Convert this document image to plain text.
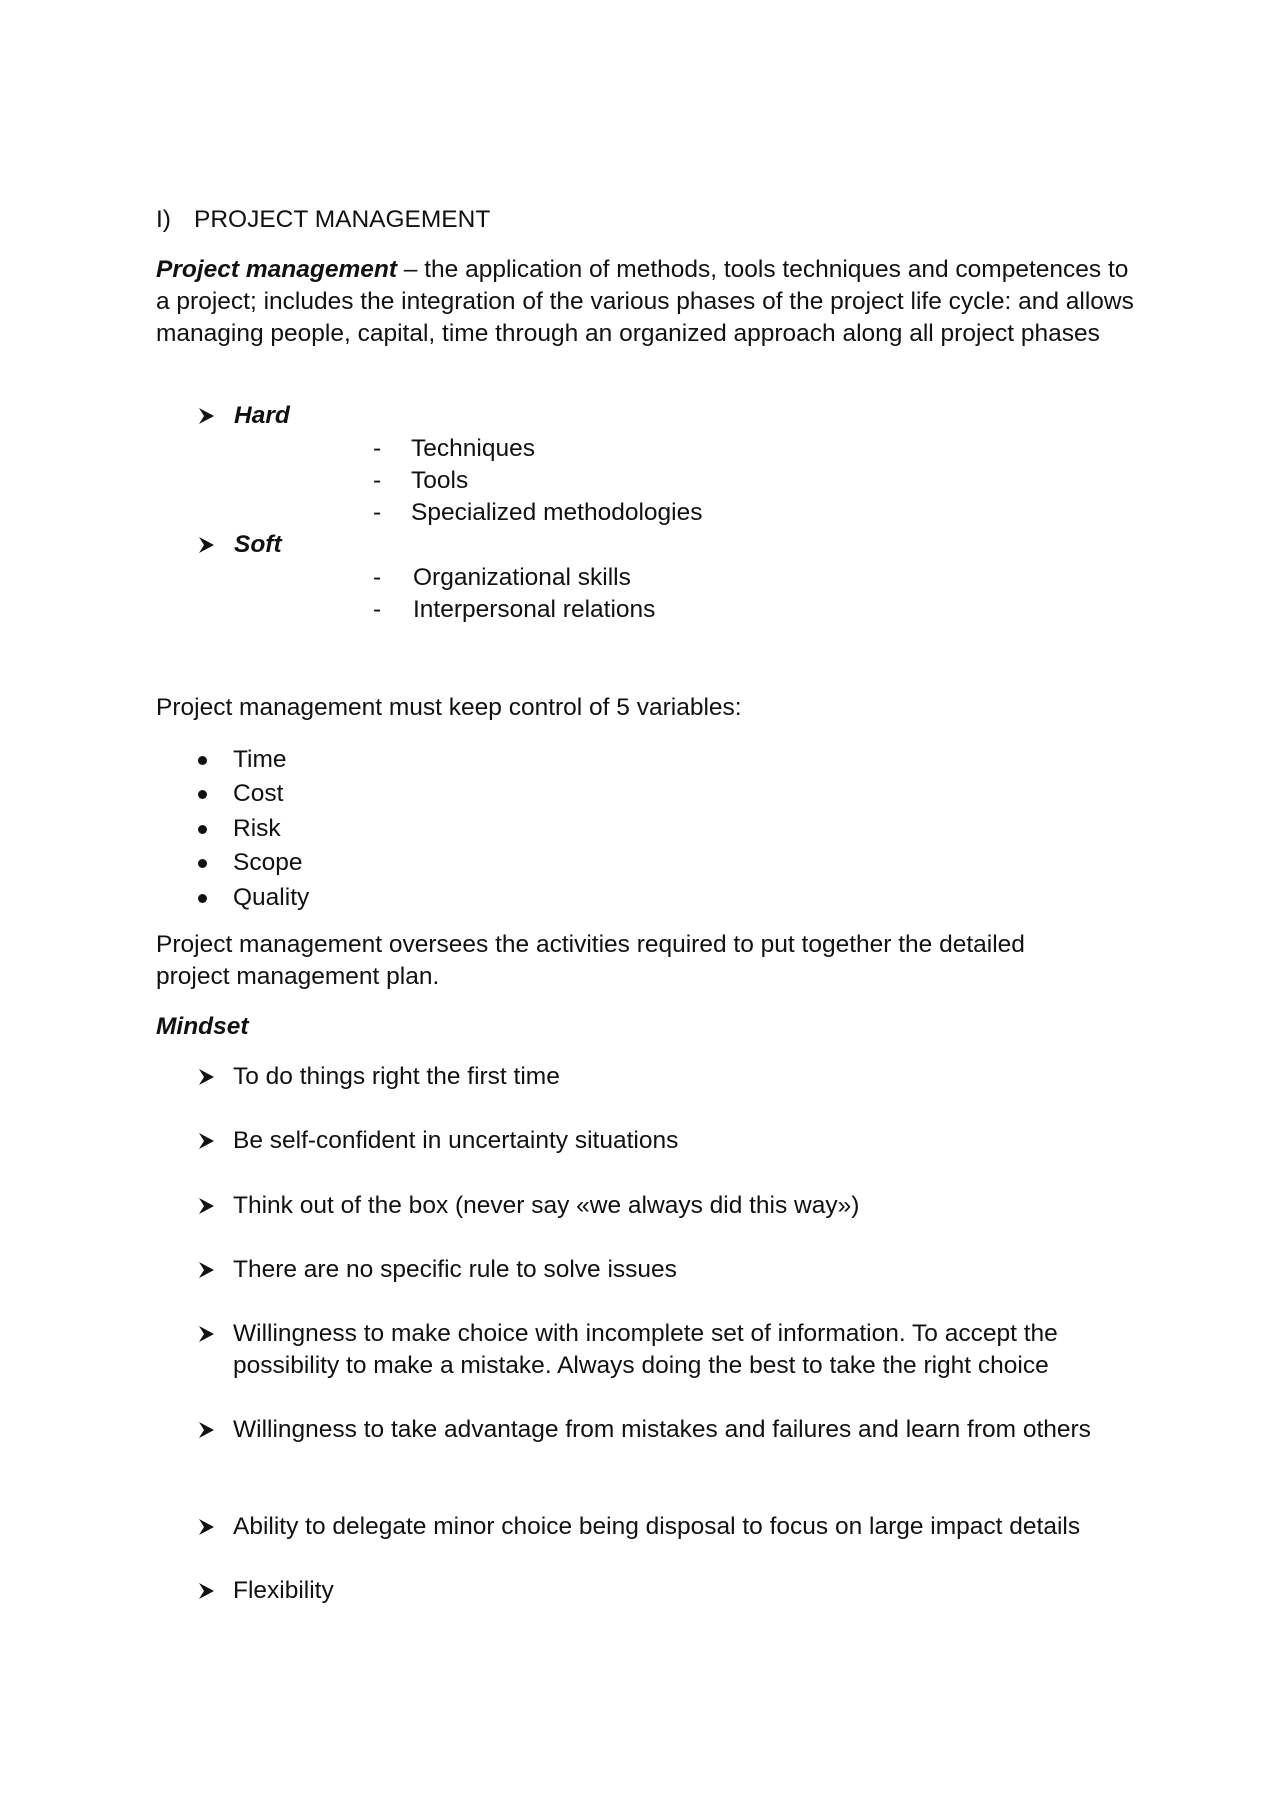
I) PROJECT MANAGEMENT
Project management – the application of methods, tools techniques and competences to a project; includes the integration of the various phases of the project life cycle: and allows managing people, capital, time through an organized approach along all project phases
Hard
- Techniques
- Tools
- Specialized methodologies
Soft
- Organizational skills
- Interpersonal relations
Project management must keep control of 5 variables:
Time
Cost
Risk
Scope
Quality
Project management oversees the activities required to put together the detailed project management plan.
Mindset
To do things right the first time
Be self-confident in uncertainty situations
Think out of the box (never say «we always did this way»)
There are no specific rule to solve issues
Willingness to make choice with incomplete set of information. To accept the possibility to make a mistake. Always doing the best to take the right choice
Willingness to take advantage from mistakes and failures and learn from others
Ability to delegate minor choice being disposal to focus on large impact details
Flexibility
